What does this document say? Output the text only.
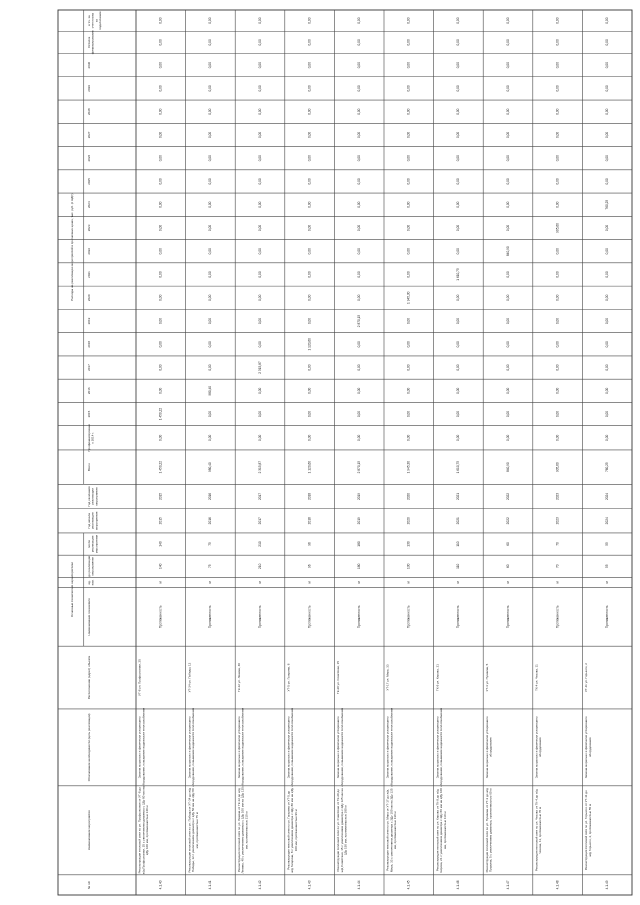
№ п/п
Наименование мероприятия
Обоснование необходимости (цель реализации)
Расположение (адрес) объекта
Наименование показателя
ед. изм.
до реализации мероприятия
после реализации мероприятия
Год начала реализации мероприятия
Год окончания реализации мероприятия
Всего
Профинансировано к 2014 г.
2015
2016
2017
2018
2019
2020
2021
2022
2023
2024
2025
2026
2027
2028
2029
2030
Остаток финансирования
в т.ч. за счет платы за подключение
Основные технические характеристики
Расходы на реализацию мероприятий в прогнозных ценах, тыс. руб. (с НДС)
4.1.40
Реконструкция тепловой сети по ул. Профсоюзная от УТ-8 до ж/д Профсоюзная, 25 с увеличением диаметра с 2Ду 80 мм на 2Ду 100 мм, протяженностью 140 м
Замена морально и физически устаревшего оборудования, повышение надежности теплоснабжения
УТ-8 ул. Профсоюзная, 25
Протяженность
м
140
140
2015
2015
1 450,22
0,00
1 450,22
0,00
0,00
0,00
0,00
0,00
0,00
0,00
0,00
0,00
0,00
0,00
0,00
0,00
0,00
0,00
0,00
0,00
4.1.41
Реконструкция тепловой сети по ул. Победы от УТ-34 до ж/д Победы, 12 с увеличением диаметра с 2Ду 50 мм на 2Ду 80 мм, протяженностью 75 м
Замена морально и физически устаревшего оборудования, повышение надежности теплоснабжения
УТ-34 ул. Победы, 12
Протяженность
м
75
75
2016
2016
980,40
0,00
0,00
980,40
0,00
0,00
0,00
0,00
0,00
0,00
0,00
0,00
0,00
0,00
0,00
0,00
0,00
0,00
0,00
0,00
4.1.42
Реконструкция тепловой сети по ул. Ленина от ТК-12 до ж/д Ленина, 40 с увеличением диаметра с 2Ду 100 мм на 2Ду 125 мм, протяженностью 210 м
Замена морально и физически устаревшего оборудования, повышение надежности теплоснабжения
ТК-12 ул. Ленина, 40
Протяженность
м
210
210
2017
2017
2 315,87
0,00
0,00
0,00
2 315,87
0,00
0,00
0,00
0,00
0,00
0,00
0,00
0,00
0,00
0,00
0,00
0,00
0,00
0,00
0,00
4.1.43
Реконструкция тепловой сети по ул. Гагарина от УТ-5 до ж/д Гагарина, 8 с увеличением диаметра с 2Ду 80 мм на 2Ду 100 мм, протяженностью 96 м
Замена морально и физически устаревшего оборудования, повышение надежности теплоснабжения
УТ-5 ул. Гагарина, 8
Протяженность
м
96
96
2018
2018
1 120,60
0,00
0,00
0,00
0,00
1 120,60
0,00
0,00
0,00
0,00
0,00
0,00
0,00
0,00
0,00
0,00
0,00
0,00
0,00
0,00
4.1.44
Реконструкция тепловой сети по ул. Советская от ТК-20 до ж/д Советская, 15 с увеличением диаметра с 2Ду 125 мм на 2Ду 150 мм, протяженностью 180 м
Замена морально и физически устаревшего оборудования, повышение надежности теплоснабжения
ТК-20 ул. Советская, 15
Протяженность
м
180
180
2019
2019
2 870,15
0,00
0,00
0,00
0,00
0,00
2 870,15
0,00
0,00
0,00
0,00
0,00
0,00
0,00
0,00
0,00
0,00
0,00
0,00
0,00
4.1.45
Реконструкция тепловой сети по ул. Мира от УТ-17 до ж/д Мира, 33 с увеличением диаметра с 2Ду 100 мм на 2Ду 125 мм, протяженностью 130 м
Замена морально и физически устаревшего оборудования, повышение надежности теплоснабжения
УТ-17 ул. Мира, 33
Протяженность
м
130
130
2020
2020
1 945,30
0,00
0,00
0,00
0,00
0,00
0,00
1 945,30
0,00
0,00
0,00
0,00
0,00
0,00
0,00
0,00
0,00
0,00
0,00
0,00
4.1.46
Реконструкция тепловой сети по ул. Кирова от ТК-9 до ж/д Кирова, 21 с увеличением диаметра с 2Ду 80 мм на 2Ду 100 мм, протяженностью 110 м
Замена морально и физически устаревшего оборудования, повышение надежности теплоснабжения
ТК-9 ул. Кирова, 21
Протяженность
м
110
110
2021
2021
1 610,75
0,00
0,00
0,00
0,00
0,00
0,00
0,00
1 610,75
0,00
0,00
0,00
0,00
0,00
0,00
0,00
0,00
0,00
0,00
0,00
4.1.47
Реконструкция тепловой сети по ул. Пушкина от УТ-3 до ж/д Пушкина, 5 с увеличением диаметра, протяженностью 60 м
Замена морально и физически устаревшего оборудования
УТ-3 ул. Пушкина, 5
Протяженность
м
60
60
2022
2022
840,90
0,00
0,00
0,00
0,00
0,00
0,00
0,00
0,00
840,90
0,00
0,00
0,00
0,00
0,00
0,00
0,00
0,00
0,00
0,00
4.1.48
Реконструкция тепловой сети по ул. Чехова от ТК-4 до ж/д Чехова, 11, протяженностью 70 м
Замена морально и физически устаревшего оборудования
ТК-4 ул. Чехова, 11
Протяженность
м
70
70
2023
2023
905,60
0,00
0,00
0,00
0,00
0,00
0,00
0,00
0,00
0,00
905,60
0,00
0,00
0,00
0,00
0,00
0,00
0,00
0,00
0,00
4.1.49
Реконструкция тепловой сети по ул. Горького от УТ-11 до ж/д Горького, 2, протяженностью 55 м
Замена морально и физически устаревшего оборудования
УТ-11 ул. Горького, 2
Протяженность
м
55
55
2024
2024
760,25
0,00
0,00
0,00
0,00
0,00
0,00
0,00
0,00
0,00
0,00
760,25
0,00
0,00
0,00
0,00
0,00
0,00
0,00
0,00
